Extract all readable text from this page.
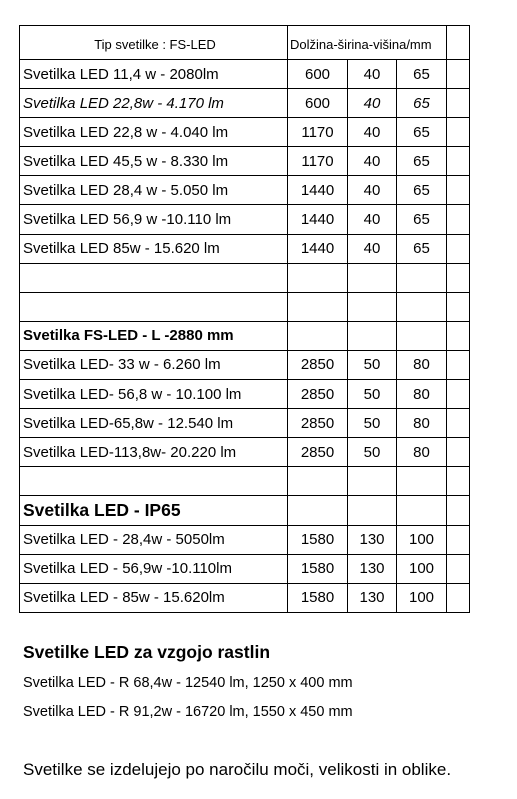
Tip svetilke : FS-LED	Dolžina-širina-višina/mm			
Svetilka LED 11,4 w - 2080lm	600	40	65	
Svetilka LED 22,8w - 4.170 lm	600	40	65	
Svetilka LED 22,8 w - 4.040 lm	1170	40	65	
Svetilka LED 45,5 w - 8.330 lm	1170	40	65	
Svetilka LED 28,4 w - 5.050 lm	1440	40	65	
Svetilka LED 56,9 w -10.110 lm	1440	40	65	
Svetilka LED 85w - 15.620 lm	1440	40	65	

Svetilka FS-LED - L -2880 mm				
Svetilka LED- 33 w - 6.260 lm	2850	50	80	
Svetilka LED- 56,8 w - 10.100 lm	2850	50	80	
Svetilka LED-65,8w - 12.540 lm	2850	50	80	
Svetilka LED-113,8w- 20.220 lm	2850	50	80	

Svetilka LED - IP65				
Svetilka LED - 28,4w - 5050lm	1580	130	100	
Svetilka LED - 56,9w -10.110lm	1580	130	100	
Svetilka LED - 85w - 15.620lm	1580	130	100	
Svetilke LED za vzgojo rastlin
Svetilka LED - R 68,4w - 12540 lm, 1250 x 400 mm
Svetilka LED - R 91,2w - 16720 lm, 1550 x 450 mm
Svetilke se izdelujejo po naročilu moči, velikosti in oblike.
